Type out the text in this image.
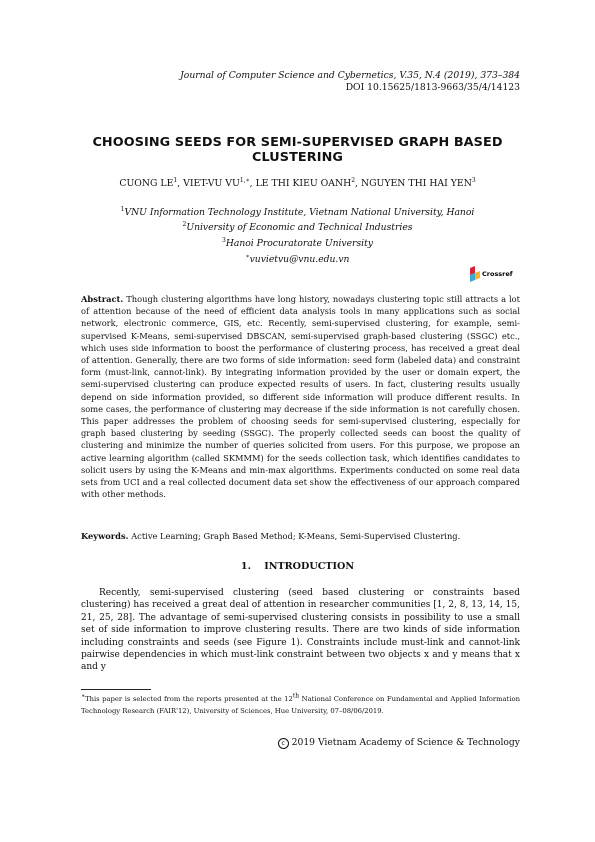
Journal of Computer Science and Cybernetics, V.35, N.4 (2019), 373–384
DOI 10.15625/1813-9663/35/4/14123
CHOOSING SEEDS FOR SEMI-SUPERVISED GRAPH BASED
CLUSTERING
CUONG $LE^1$, VIET-VU $VU^{1,∗}$, LE THI KIEU OANH$^2$, NGUYEN THI HAI YEN$^3$
$^1$VNU Information Technology Institute, Vietnam National University, Hanoi
$^2$University of Economic and Technical Industries
$^3$Hanoi Procuratorate University
∗vuvietvu@vnu.edu.vn
Crossref
Abstract. Though clustering algorithms have long history, nowadays clustering topic still attracts a lot of attention because of the need of efficient data analysis tools in many applications such as social network, electronic commerce, GIS, etc. Recently, semi-supervised clustering, for example, semi-supervised K-Means, semi-supervised DBSCAN, semi-supervised graph-based clustering (SSGC) etc., which uses side information to boost the performance of clustering process, has received a great deal of attention. Generally, there are two forms of side information: seed form (labeled data) and constraint form (must-link, cannot-link). By integrating information provided by the user or domain expert, the semi-supervised clustering can produce expected results of users. In fact, clustering results usually depend on side information provided, so different side information will produce different results. In some cases, the performance of clustering may decrease if the side information is not carefully chosen. This paper addresses the problem of choosing seeds for semi-supervised clustering, especially for graph based clustering by seeding (SSGC). The properly collected seeds can boost the quality of clustering and minimize the number of queries solicited from users. For this purpose, we propose an active learning algorithm (called SKMMM) for the seeds collection task, which identifies candidates to solicit users by using the K-Means and min-max algorithms. Experiments conducted on some real data sets from UCI and a real collected document data set show the effectiveness of our approach compared with other methods.
Keywords. Active Learning; Graph Based Method; K-Means, Semi-Supervised Clustering.
1.    INTRODUCTION
Recently, semi-supervised clustering (seed based clustering or constraints based clustering) has received a great deal of attention in researcher communities [1, 2, 8, 13, 14, 15, 21, 25, 28]. The advantage of semi-supervised clustering consists in possibility to use a small set of side information to improve clustering results. There are two kinds of side information including constraints and seeds (see Figure 1). Constraints include must-link and cannot-link pairwise dependencies in which must-link constraint between two objects x and y means that x and y
∗This paper is selected from the reports presented at the 12th National Conference on Fundamental and Applied Information Technology Research (FAIR'12), University of Sciences, Hue University, 07–08/06/2019.
c 2019 Vietnam Academy of Science & Technology
